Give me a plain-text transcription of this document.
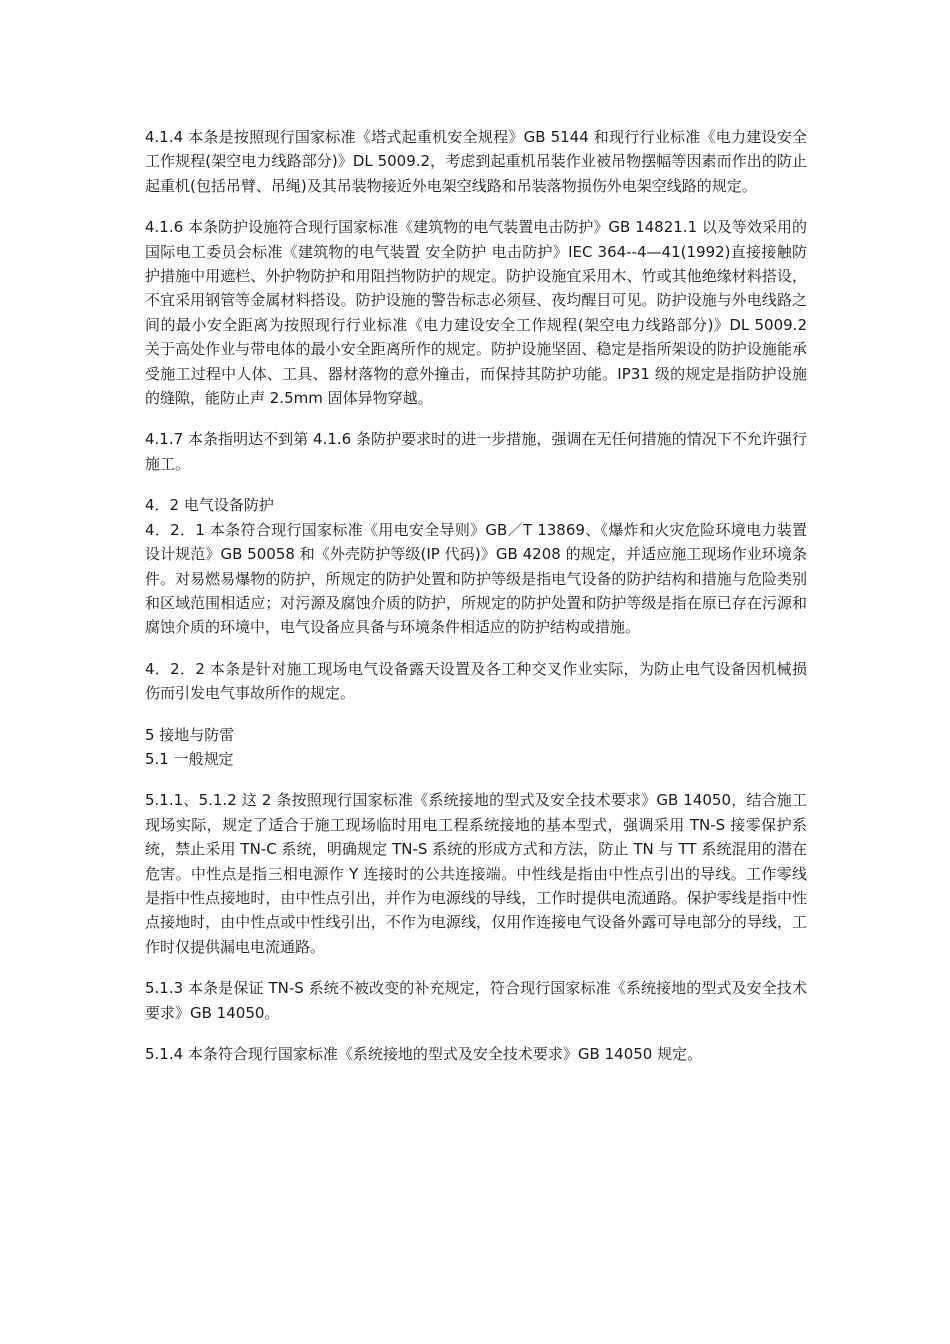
4.1.4 本条是按照现行国家标准《塔式起重机安全规程》GB 5144 和现行行业标准《电力建设安全工作规程(架空电力线路部分)》DL 5009.2，考虑到起重机吊装作业被吊物摆幅等因素而作出的防止起重机(包括吊臂、吊绳)及其吊装物接近外电架空线路和吊装落物损伤外电架空线路的规定。

4.1.6 本条防护设施符合现行国家标准《建筑物的电气装置电击防护》GB 14821.1 以及等效采用的国际电工委员会标准《建筑物的电气装置 安全防护 电击防护》IEC 364--4—41(1992)直接接触防护措施中用遮栏、外护物防护和用阻挡物防护的规定。防护设施宜采用木、竹或其他绝缘材料搭设，不宜采用钢管等金属材料搭设。防护设施的警告标志必须昼、夜均醒目可见。防护设施与外电线路之间的最小安全距离为按照现行行业标准《电力建设安全工作规程(架空电力线路部分)》DL 5009.2 关于高处作业与带电体的最小安全距离所作的规定。防护设施坚固、稳定是指所架设的防护设施能承受施工过程中人体、工具、器材落物的意外撞击，而保持其防护功能。IP31 级的规定是指防护设施的缝隙，能防止声 2.5mm 固体异物穿越。

4.1.7 本条指明达不到第 4.1.6 条防护要求时的进一步措施，强调在无任何措施的情况下不允许强行施工。

4．2 电气设备防护

4．2．1 本条符合现行国家标准《用电安全导则》GB／T 13869、《爆炸和火灾危险环境电力装置设计规范》GB 50058 和《外壳防护等级(IP 代码)》GB 4208 的规定，并适应施工现场作业环境条件。对易燃易爆物的防护，所规定的防护处置和防护等级是指电气设备的防护结构和措施与危险类别和区域范围相适应；对污源及腐蚀介质的防护，所规定的防护处置和防护等级是指在原已存在污源和腐蚀介质的环境中，电气设备应具备与环境条件相适应的防护结构或措施。

4．2．2 本条是针对施工现场电气设备露天设置及各工种交叉作业实际，为防止电气设备因机械损伤而引发电气事故所作的规定。

5 接地与防雷

5.1 一般规定

5.1.1、5.1.2 这 2 条按照现行国家标准《系统接地的型式及安全技术要求》GB 14050，结合施工现场实际，规定了适合于施工现场临时用电工程系统接地的基本型式，强调采用 TN-S 接零保护系统，禁止采用 TN-C 系统，明确规定 TN-S 系统的形成方式和方法，防止 TN 与 TT 系统混用的潜在危害。中性点是指三相电源作 Y 连接时的公共连接端。中性线是指由中性点引出的导线。工作零线是指中性点接地时，由中性点引出，并作为电源线的导线，工作时提供电流通路。保护零线是指中性点接地时，由中性点或中性线引出，不作为电源线，仅用作连接电气设备外露可导电部分的导线，工作时仅提供漏电电流通路。

5.1.3 本条是保证 TN-S 系统不被改变的补充规定，符合现行国家标准《系统接地的型式及安全技术要求》GB 14050。

5.1.4 本条符合现行国家标准《系统接地的型式及安全技术要求》GB 14050 规定。
